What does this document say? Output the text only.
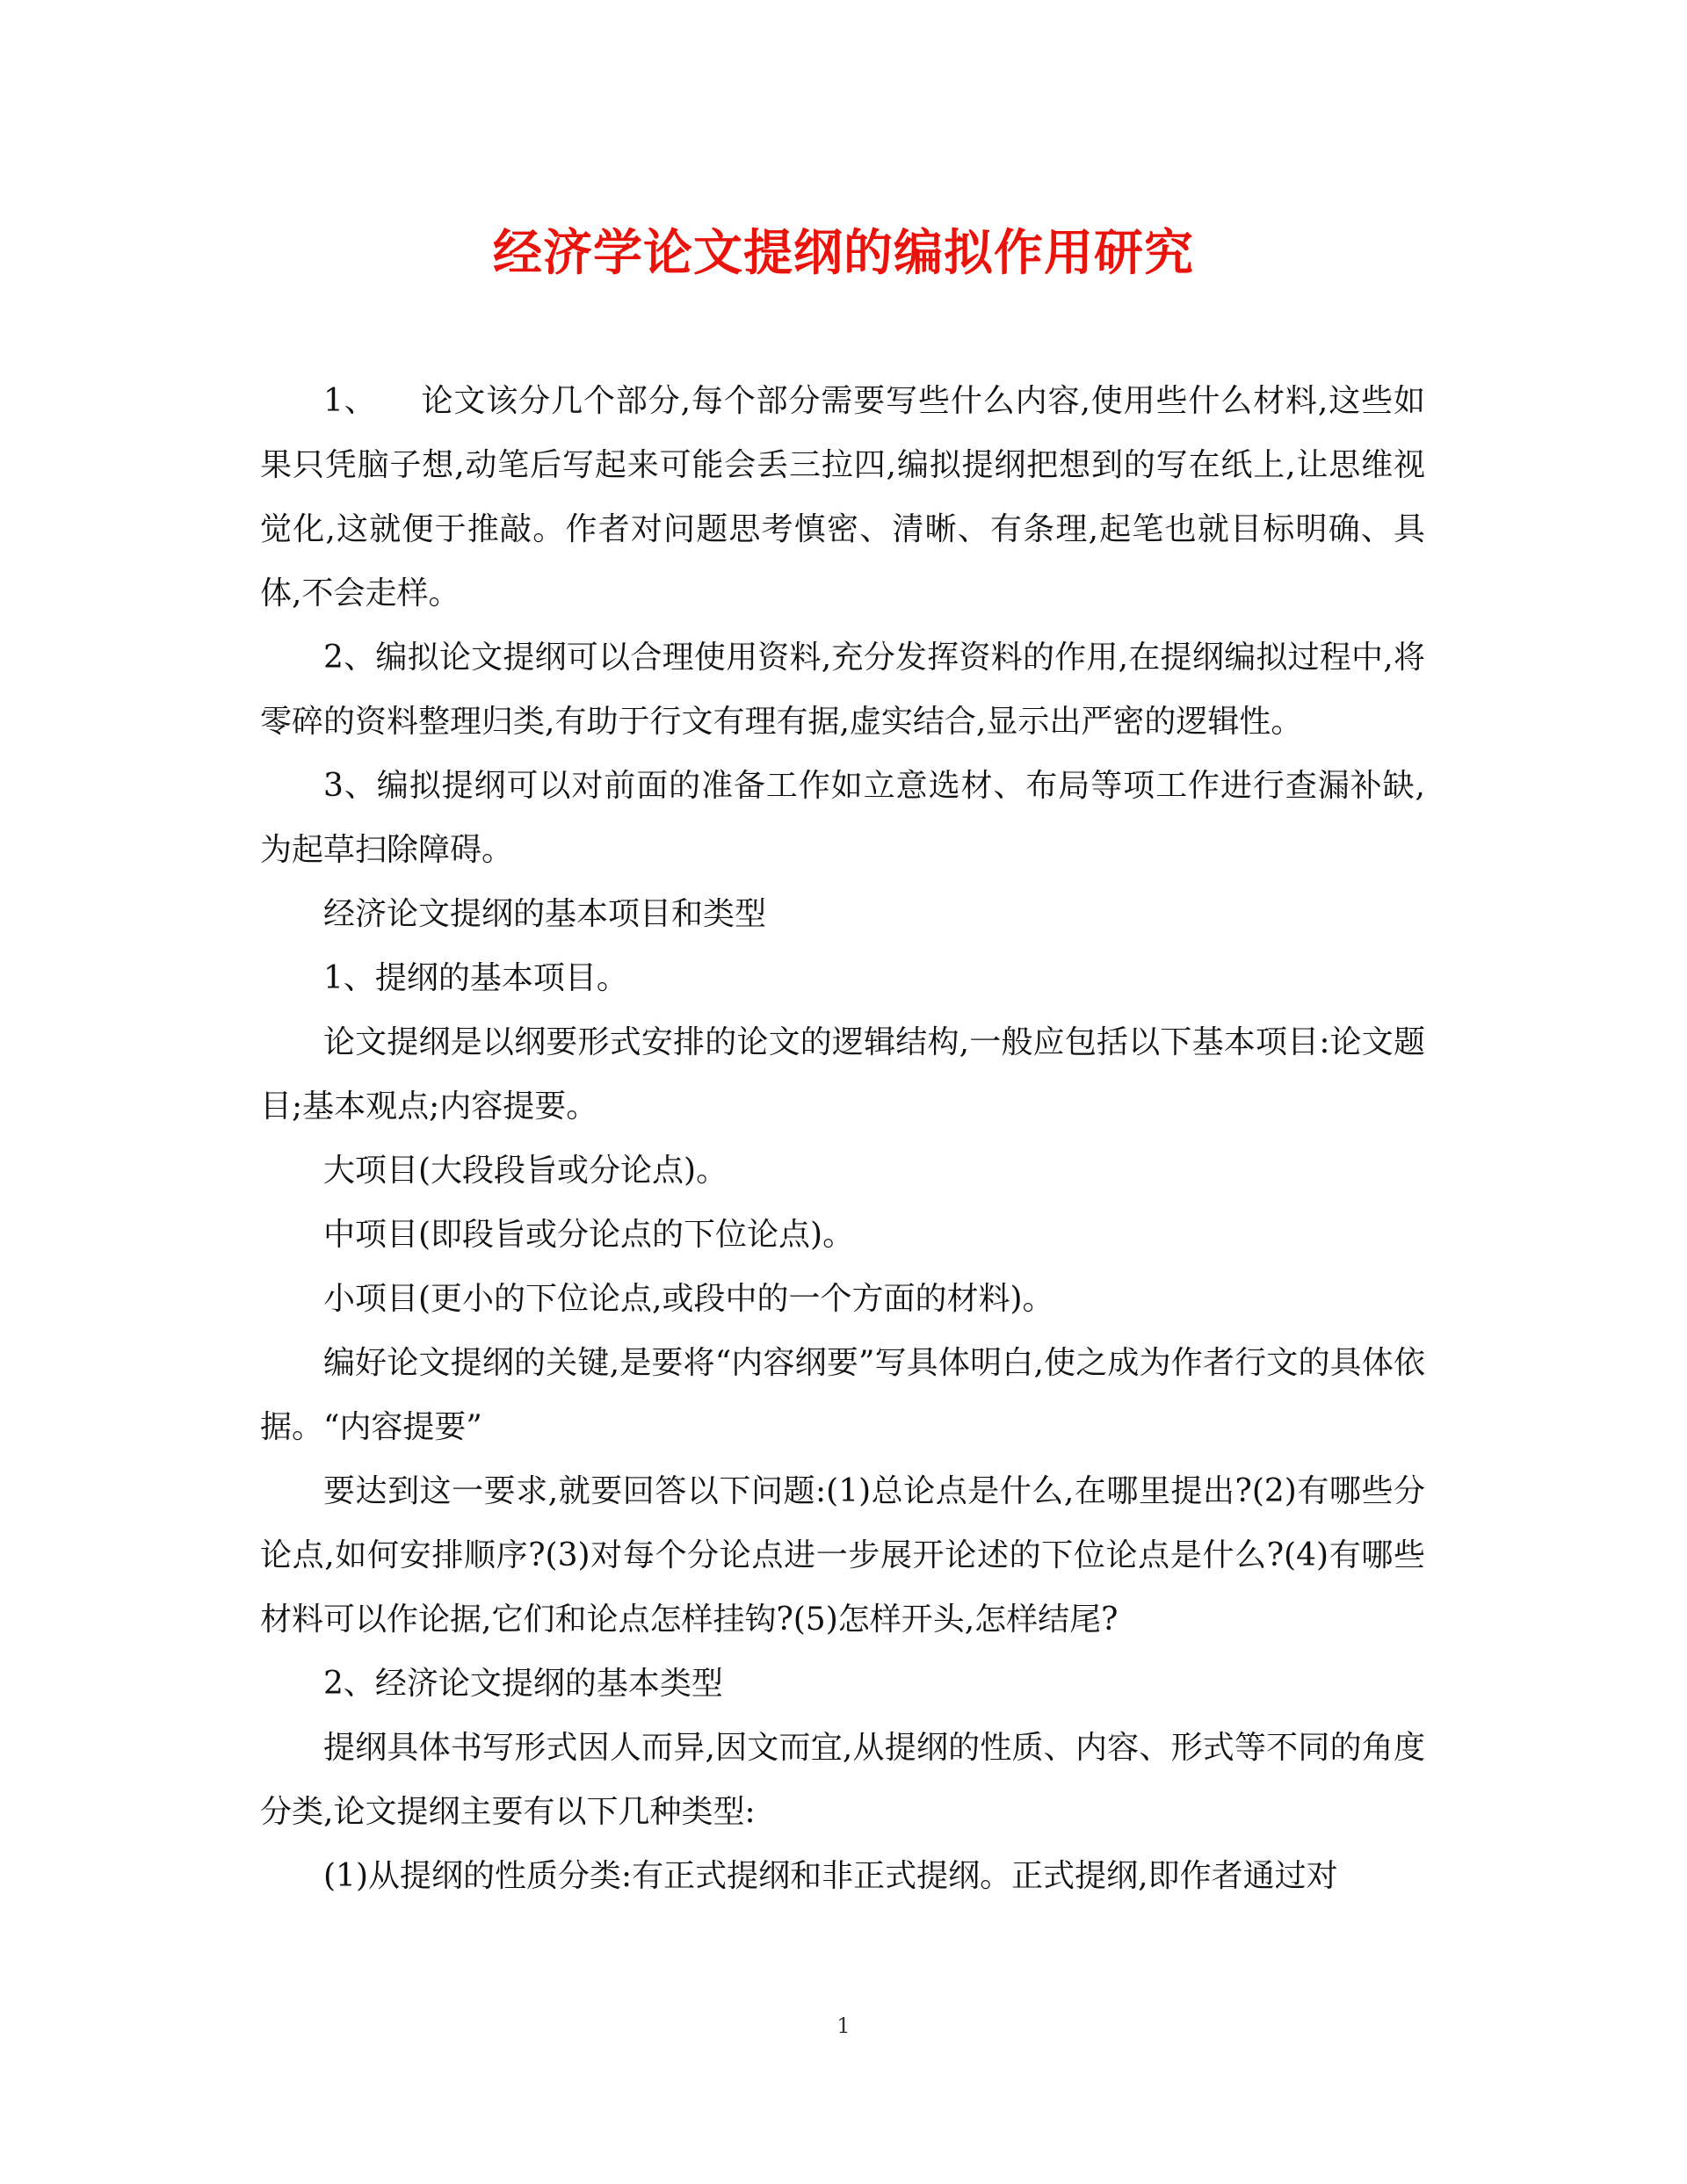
经济学论文提纲的编拟作用研究

1、 论文该分几个部分,每个部分需要写些什么内容,使用些什么材料,这些如果只凭脑子想,动笔后写起来可能会丢三拉四,编拟提纲把想到的写在纸上,让思维视觉化,这就便于推敲。作者对问题思考慎密、清晰、有条理,起笔也就目标明确、具体,不会走样。

2、编拟论文提纲可以合理使用资料,充分发挥资料的作用,在提纲编拟过程中,将零碎的资料整理归类,有助于行文有理有据,虚实结合,显示出严密的逻辑性。

3、编拟提纲可以对前面的准备工作如立意选材、布局等项工作进行查漏补缺,为起草扫除障碍。

经济论文提纲的基本项目和类型

1、提纲的基本项目。

论文提纲是以纲要形式安排的论文的逻辑结构,一般应包括以下基本项目:论文题目;基本观点;内容提要。

大项目(大段段旨或分论点)。

中项目(即段旨或分论点的下位论点)。

小项目(更小的下位论点,或段中的一个方面的材料)。

编好论文提纲的关键,是要将“内容纲要”写具体明白,使之成为作者行文的具体依据。“内容提要”

要达到这一要求,就要回答以下问题:(1)总论点是什么,在哪里提出?(2)有哪些分论点,如何安排顺序?(3)对每个分论点进一步展开论述的下位论点是什么?(4)有哪些材料可以作论据,它们和论点怎样挂钩?(5)怎样开头,怎样结尾?

2、经济论文提纲的基本类型

提纲具体书写形式因人而异,因文而宜,从提纲的性质、内容、形式等不同的角度分类,论文提纲主要有以下几种类型:

(1)从提纲的性质分类:有正式提纲和非正式提纲。正式提纲,即作者通过对

1
